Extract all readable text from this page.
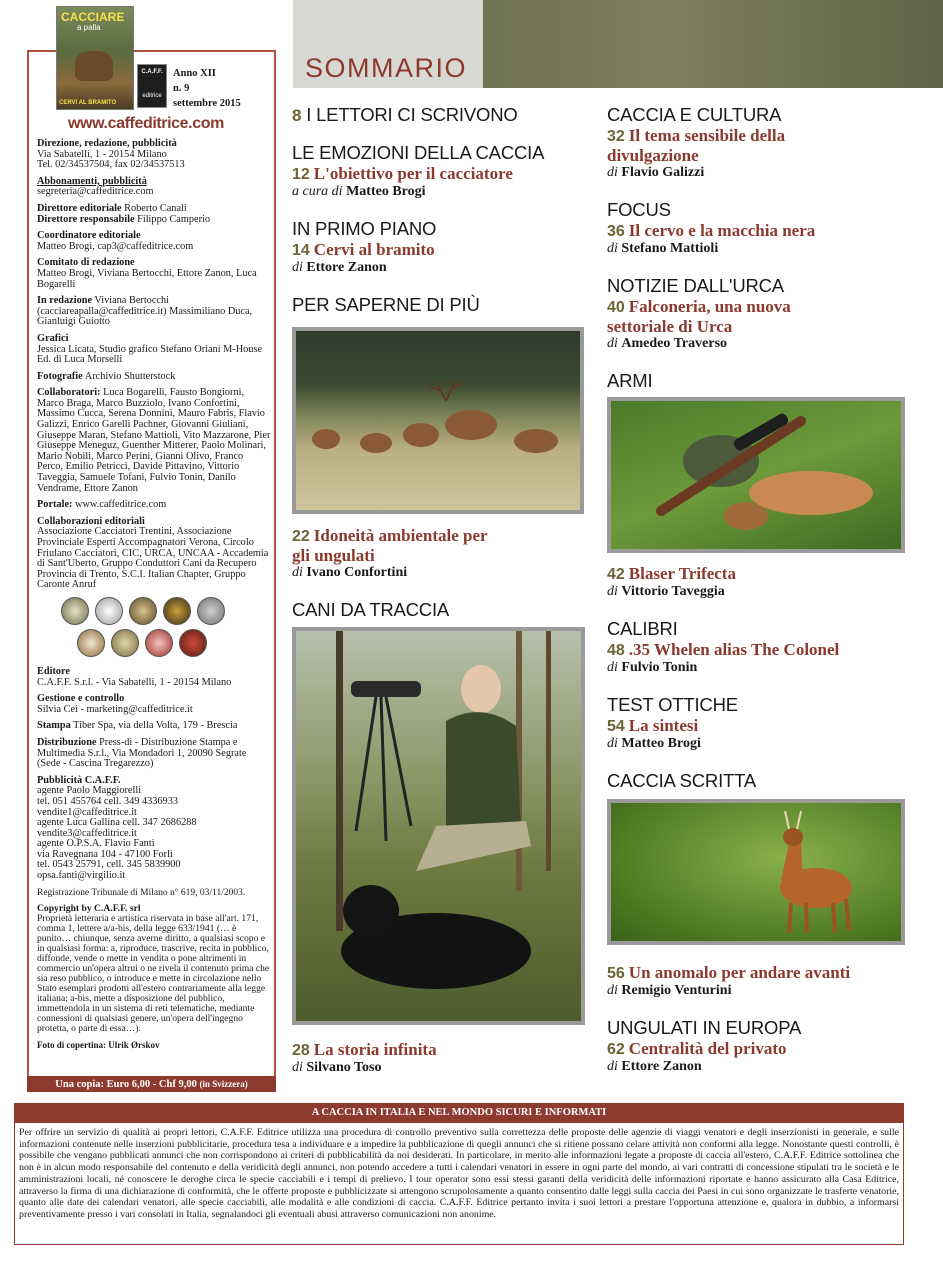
CACCIARE
a palla
CERVI AL BRAMITO
C.A.F.F.
editrice
Anno XII
n. 9
settembre 2015
www.caffeditrice.com
Direzione, redazione, pubblicità
Via Sabatelli, 1 - 20154 Milano
Tel. 02/34537504, fax 02/34537513
Abbonamenti, pubblicità
segreteria@caffeditrice.com
Direttore editoriale Roberto Canali
Direttore responsabile Filippo Camperio
Coordinatore editoriale
Matteo Brogi, cap3@caffeditrice.com
Comitato di redazione
Matteo Brogi, Viviana Bertocchi, Ettore Zanon, Luca Bogarelli
In redazione Viviana Bertocchi (cacciareapalla@caffeditrice.it) Massimiliano Duca, Gianluigi Guiotto
Grafici
Jessica Licata, Studio grafico Stefano Oriani M-House Ed. di Luca Morselli
Fotografie Archivio Shutterstock
Collaboratori: Luca Bogarelli, Fausto Bongiorni, Marco Braga, Marco Buzziolo, Ivano Confortini, Massimo Cucca, Serena Donnini, Mauro Fabris, Flavio Galizzi, Enrico Garelli Pachner, Giovanni Giuliani, Giuseppe Maran, Stefano Mattioli, Vito Mazzarone, Pier Giuseppe Meneguz, Guenther Mitterer, Paolo Molinari, Mario Nobili, Marco Perini, Gianni Olivo, Franco Perco, Emilio Petricci, Davide Pittavino, Vittorio Taveggia, Samuele Tofani, Fulvio Tonin, Danilo Vendrame, Ettore Zanon
Portale: www.caffeditrice.com
Collaborazioni editoriali
Associazione Cacciatori Trentini, Associazione Provinciale Esperti Accompagnatori Verona, Circolo Friulano Cacciatori, CIC, URCA, UNCAA - Accademia di Sant'Uberto, Gruppo Conduttori Cani da Recupero Provincia di Trento, S.C.I. Italian Chapter, Gruppo Caronte Anruf
Editore
C.A.F.F. S.r.l. - Via Sabatelli, 1 - 20154 Milano
Gestione e controllo
Silvia Cei - marketing@caffeditrice.it
Stampa Tiber Spa, via della Volta, 179 - Brescia
Distribuzione Press-di - Distribuzione Stampa e Multimedia S.r.l., Via Mondadori 1, 20090 Segrate (Sede - Cascina Tregarezzo)
Pubblicità C.A.F.F.
agente Paolo Maggiorelli
tel. 051 455764 cell. 349 4336933
vendite1@caffeditrice.it
agente Luca Gallina cell. 347 2686288
vendite3@caffeditrice.it
agente O.P.S.A. Flavio Fanti
via Ravegnana 104 - 47100 Forlì
tel. 0543 25791, cell. 345 5839900
opsa.fanti@virgilio.it
Registrazione Tribunale di Milano n° 619, 03/11/2003.
Copyright by C.A.F.F. srl
Proprietà letteraria e artistica riservata in base all'art. 171, comma 1, lettere a/a-bis, della legge 633/1941 (… è punito… chiunque, senza averne diritto, a qualsiasi scopo e in qualsiasi forma: a, riproduce, trascrive, recita in pubblico, diffonde, vende o mette in vendita o pone altrimenti in commercio un'opera altrui o ne rivela il contenuto prima che sia reso pubblico, o introduce e mette in circolazione nello Stato esemplari prodotti all'estero contrariamente alla legge italiana; a-bis, mette a disposizione del pubblico, immettendola in un sistema di reti telematiche, mediante connessioni di qualsiasi genere, un'opera dell'ingegno protetta, o parte di essa…).
Foto di copertina: Ulrik Ørskov
Una copia: Euro 6,00 - Chf 9,00 (in Svizzera)
SOMMARIO
8 I LETTORI CI SCRIVONO
LE EMOZIONI DELLA CACCIA
12 L'obiettivo per il cacciatore
a cura di Matteo Brogi
IN PRIMO PIANO
14 Cervi al bramito
di Ettore Zanon
PER SAPERNE DI PIÙ
22 Idoneità ambientale per gli ungulati
di Ivano Confortini
CANI DA TRACCIA
28 La storia infinita
di Silvano Toso
CACCIA E CULTURA
32 Il tema sensibile della divulgazione
di Flavio Galizzi
FOCUS
36 Il cervo e la macchia nera
di Stefano Mattioli
NOTIZIE DALL'URCA
40 Falconeria, una nuova settoriale di Urca
di Amedeo Traverso
ARMI
42 Blaser Trifecta
di Vittorio Taveggia
CALIBRI
48 .35 Whelen alias The Colonel
di Fulvio Tonin
TEST OTTICHE
54 La sintesi
di Matteo Brogi
CACCIA SCRITTA
56 Un anomalo per andare avanti
di Remigio Venturini
UNGULATI IN EUROPA
62 Centralità del privato
di Ettore Zanon
A CACCIA IN ITALIA E NEL MONDO SICURI E INFORMATI
Per offrire un servizio di qualità ai propri lettori, C.A.F.F. Editrice utilizza una procedura di controllo preventivo sulla correttezza delle proposte delle agenzie di viaggi venatori e degli inserzionisti in generale, e sulle informazioni contenute nelle inserzioni pubblicitarie, procedura tesa a individuare e a impedire la pubblicazione di quegli annunci che si ritiene possano celare attività non conformi alla legge. Nonostante questi controlli, è possibile che vengano pubblicati annunci che non corrispondono ai criteri di pubblicabilità da noi desiderati. In particolare, in merito alle informazioni legate a proposte di caccia all'estero, C.A.F.F. Editrice sottolinea che non è in alcun modo responsabile del contenuto e della veridicità degli annunci, non potendo accedere a tutti i calendari venatori in essere in ogni parte del mondo, ai vari contratti di concessione stipulati tra le società e le amministrazioni locali, né conoscere le deroghe circa le specie cacciabili e i tempi di prelievo. I tour operator sono essi stessi garanti della veridicità delle informazioni riportate e hanno assicurato alla Casa Editrice, attraverso la firma di una dichiarazione di conformità, che le offerte proposte e pubblicizzate si attengono scrupolosamente a quanto consentito dalle leggi sulla caccia dei Paesi in cui sono organizzate le trasferte venatorie, quanto alle date dei calendari venatori, alle specie cacciabili, alle modalità e alle condizioni di caccia. C.A.F.F. Editrice pertanto invita i suoi lettori a prestare l'opportuna attenzione e, qualora in dubbio, a informarsi preventivamente presso i vari consolati in Italia, segnalandoci gli eventuali abusi attraverso comunicazioni non anonime.
